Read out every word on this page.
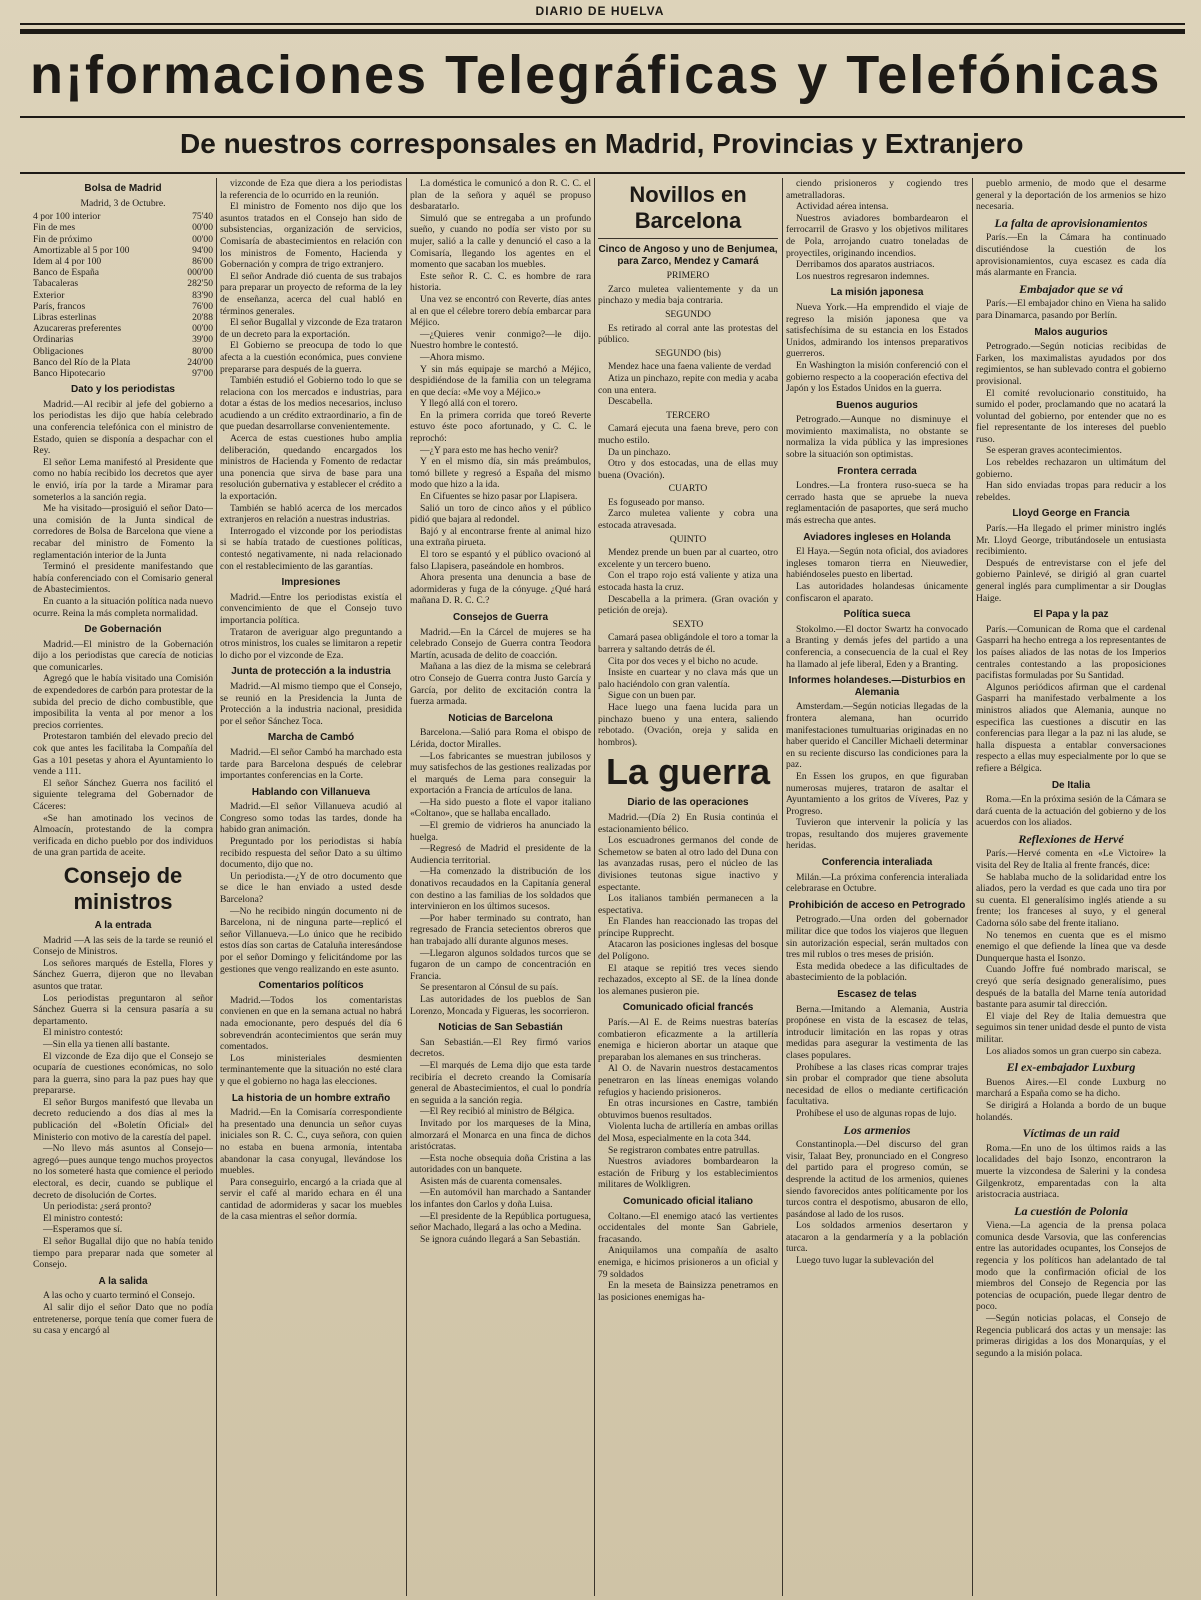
DIARIO DE HUELVA
n¡formaciones Telegráficas y Telefónicas
De nuestros corresponsales en Madrid, Provincias y Extranjero
Bolsa de Madrid
Madrid, 3 de Octubre.
4 por 100 interior	75'40
Fin de mes	00'00
Fin de próximo	00'00
Amortizable al 5 por 100	94'00
Idem al 4 por 100	86'00
Banco de España	000'00
Tabacaleras	282'50
Exterior	83'90
París, francos	76'00
Libras esterlinas	20'88
Azucareras preferentes	00'00
Ordinarias	39'00
Obligaciones	80'00
Banco del Río de la Plata	240'00
Banco Hipotecario	97'00
Dato y los periodistas

Madrid.—Al recibir al jefe del gobierno a los periodistas les dijo que había celebrado una conferencia telefónica con el ministro de Estado, quien se disponía a despachar con el Rey.

El señor Lema manifestó al Presidente que como no había recibido los decretos que ayer le envió, iría por la tarde a Miramar para someterlos a la sanción regia.

Me ha visitado—prosiguió el señor Dato—una comisión de la Junta sindical de corredores de Bolsa de Barcelona que viene a recabar del ministro de Fomento la reglamentación interior de la Junta

Terminó el presidente manifestando que había conferenciado con el Comisario general de Abastecimientos.

En cuanto a la situación política nada nuevo ocurre. Reina la más completa normalidad.

De Gobernación

Madrid.—El ministro de la Gobernación dijo a los periodistas que carecía de noticias que comunicarles.

Agregó que le había visitado una Comisión de expendedores de carbón para protestar de la subida del precio de dicho combustible, que imposibilita la venta al por menor a los precios corrientes.

Protestaron también del elevado precio del cok que antes les facilitaba la Compañía del Gas a 101 pesetas y ahora el Ayuntamiento lo vende a 111.

El señor Sánchez Guerra nos facilitó el siguiente telegrama del Gobernador de Cáceres:

«Se han amotinado los vecinos de Almoacín, protestando de la compra verificada en dicho pueblo por dos individuos de una gran partida de aceite.

Consejo de ministros
A la entrada

Madrid —A las seis de la tarde se reunió el Consejo de Ministros.

Los señores marqués de Estella, Flores y Sánchez Guerra, dijeron que no llevaban asuntos que tratar.

Los periodistas preguntaron al señor Sánchez Guerra si la censura pasaría a su departamento.

El ministro contestó:

—Sin ella ya tienen allí bastante.

El vizconde de Eza dijo que el Consejo se ocuparía de cuestiones económicas, no solo para la guerra, sino para la paz pues hay que prepararse.

El señor Burgos manifestó que llevaba un decreto reduciendo a dos días al mes la publicación del «Boletín Oficial» del Ministerio con motivo de la carestía del papel.

—No llevo más asuntos al Consejo—agregó—pues aunque tengo muchos proyectos no los someteré hasta que comience el periodo electoral, es decir, cuando se publique el decreto de disolución de Cortes.

Un periodista: ¿será pronto?

El ministro contestó:

—Esperamos que sí.

El señor Bugallal dijo que no había tenido tiempo para preparar nada que someter al Consejo.

A la salida

A las ocho y cuarto terminó el Consejo.

Al salir dijo el señor Dato que no podía entretenerse, porque tenía que comer fuera de su casa y encargó al

vizconde de Eza que diera a los periodistas la referencia de lo ocurrido en la reunión.

El ministro de Fomento nos dijo que los asuntos tratados en el Consejo han sido de subsistencias, organización de servicios, Comisaría de abastecimientos en relación con los ministros de Fomento, Hacienda y Gobernación y compra de trigo extranjero.

El señor Andrade dió cuenta de sus trabajos para preparar un proyecto de reforma de la ley de enseñanza, acerca del cual habló en términos generales.

El señor Bugallal y vizconde de Eza trataron de un decreto para la exportación.

El Gobierno se preocupa de todo lo que afecta a la cuestión económica, pues conviene prepararse para después de la guerra.

También estudió el Gobierno todo lo que se relaciona con los mercados e industrias, para dotar a éstas de los medios necesarios, incluso acudiendo a un crédito extraordinario, a fin de que puedan desarrollarse convenientemente.

Acerca de estas cuestiones hubo amplia deliberación, quedando encargados los ministros de Hacienda y Fomento de redactar una ponencia que sirva de base para una resolución gubernativa y establecer el crédito a la exportación.

También se habló acerca de los mercados extranjeros en relación a nuestras industrias.

Interrogado el vizconde por los periodistas si se había tratado de cuestiones políticas, contestó negativamente, ni nada relacionado con el restablecimiento de las garantías.

Impresiones

Madrid.—Entre los periodistas existía el convencimiento de que el Consejo tuvo importancia política.

Trataron de averiguar algo preguntando a otros ministros, los cuales se limitaron a repetir lo dicho por el vizconde de Eza.

Junta de protección a la industria

Madrid.—Al mismo tiempo que el Consejo, se reunió en la Presidencia la Junta de Protección a la industria nacional, presidida por el señor Sánchez Toca.

Marcha de Cambó

Madrid.—El señor Cambó ha marchado esta tarde para Barcelona después de celebrar importantes conferencias en la Corte.

Hablando con Villanueva

Madrid.—El señor Villanueva acudió al Congreso somo todas las tardes, donde ha habido gran animación.

Preguntado por los periodistas si había recibido respuesta del señor Dato a su último documento, dijo que no.

Un periodista.—¿Y de otro documento que se dice le han enviado a usted desde Barcelona?

—No he recibido ningún documento ni de Barcelona, ni de ninguna parte—replicó el señor Villanueva.—Lo único que he recibido estos días son cartas de Cataluña interesándose por el señor Domingo y felicitándome por las gestiones que vengo realizando en este asunto.

Comentarios políticos

Madrid.—Todos los comentaristas convienen en que en la semana actual no habrá nada emocionante, pero después del día 6 sobrevendrán acontecimientos que serán muy comentados.

Los ministeriales desmienten terminantemente que la situación no esté clara y que el gobierno no haga las elecciones.

La historia de un hombre extraño

Madrid.—En la Comisaría correspondiente ha presentado una denuncia un señor cuyas iniciales son R. C. C., cuya señora, con quien no estaba en buena armonía, intentaba abandonar la casa conyugal, llevándose los muebles.

Para conseguirlo, encargó a la criada que al servir el café al marido echara en él una cantidad de adormideras y sacar los muebles de la casa mientras el señor dormía.

La doméstica le comunicó a don R. C. C. el plan de la señora y aquél se propuso desbaratarlo.

Simuló que se entregaba a un profundo sueño, y cuando no podía ser visto por su mujer, salió a la calle y denunció el caso a la Comisaría, llegando los agentes en el momento que sacaban los muebles.

Este señor R. C. C. es hombre de rara historia.

Una vez se encontró con Reverte, días antes al en que el célebre torero debía embarcar para Méjico.

—¿Quieres venir conmigo?—le dijo. Nuestro hombre le contestó.

—Ahora mismo.

Y sin más equipaje se marchó a Méjico, despidiéndose de la familia con un telegrama en que decía: «Me voy a Méjico.»

Y llegó allá con el torero.

En la primera corrida que toreó Reverte estuvo éste poco afortunado, y C. C. le reprochó:

—¿Y para esto me has hecho venir?

Y en el mismo día, sin más preámbulos, tomó billete y regresó a España del mismo modo que hizo a la ida.

En Cifuentes se hizo pasar por Llapisera.

Salió un toro de cinco años y el público pidió que bajara al redondel.

Bajó y al encontrarse frente al animal hizo una extraña pirueta.

El toro se espantó y el público ovacionó al falso Llapisera, paseándole en hombros.

Ahora presenta una denuncia a base de adormideras y fuga de la cónyuge. ¿Qué hará mañana D. R. C. C.?

Consejos de Guerra

Madrid.—En la Cárcel de mujeres se ha celebrado Consejo de Guerra contra Teodora Martín, acusada de delito de coacción.

Mañana a las diez de la misma se celebrará otro Consejo de Guerra contra Justo García y García, por delito de excitación contra la fuerza armada.

Noticias de Barcelona

Barcelona.—Salió para Roma el obispo de Lérida, doctor Miralles.

—Los fabricantes se muestran jubilosos y muy satisfechos de las gestiones realizadas por el marqués de Lema para conseguir la exportación a Francia de artículos de lana.

—Ha sido puesto a flote el vapor italiano «Coltano», que se hallaba encallado.

—El gremio de vidrieros ha anunciado la huelga.

—Regresó de Madrid el presidente de la Audiencia territorial.

—Ha comenzado la distribución de los donativos recaudados en la Capitanía general con destino a las familias de los soldados que intervinieron en los últimos sucesos.

—Por haber terminado su contrato, han regresado de Francia setecientos obreros que han trabajado allí durante algunos meses.

—Llegaron algunos soldados turcos que se fugaron de un campo de concentración en Francia.

Se presentaron al Cónsul de su país.

Las autoridades de los pueblos de San Lorenzo, Moncada y Figueras, les socorrieron.

Noticias de San Sebastián

San Sebastián.—El Rey firmó varios decretos.

—El marqués de Lema dijo que esta tarde recibiría el decreto creando la Comisaría general de Abastecimientos, el cual lo pondría en seguida a la sanción regia.

—El Rey recibió al ministro de Bélgica.

Invitado por los marqueses de la Mina, almorzará el Monarca en una finca de dichos aristócratas.

—Esta noche obsequia doña Cristina a las autoridades con un banquete.

Asisten más de cuarenta comensales.

—En automóvil han marchado a Santander los infantes don Carlos y doña Luisa.

—El presidente de la República portuguesa, señor Machado, llegará a las ocho a Medina.

Se ignora cuándo llegará a San Sebastián.

Novillos en Barcelona
Cinco de Angoso y uno de Benjumea, para Zarco, Mendez y Camará
PRIMERO

Zarco muletea valientemente y da un pinchazo y media baja contraria.

SEGUNDO

Es retirado al corral ante las protestas del público.

SEGUNDO (bis)

Mendez hace una faena valiente de verdad

Atiza un pinchazo, repite con media y acaba con una entera.

Descabella.

TERCERO

Camará ejecuta una faena breve, pero con mucho estilo.

Da un pinchazo.

Otro y dos estocadas, una de ellas muy buena (Ovación).

CUARTO

Es foguseado por manso.

Zarco muletea valiente y cobra una estocada atravesada.

QUINTO

Mendez prende un buen par al cuarteo, otro excelente y un tercero bueno.

Con el trapo rojo está valiente y atiza una estocada hasta la cruz.

Descabella a la primera. (Gran ovación y petición de oreja).

SEXTO

Camará pasea obligándole el toro a tomar la barrera y saltando detrás de él.

Cita por dos veces y el bicho no acude.

Insiste en cuartear y no clava más que un palo haciéndolo con gran valentía.

Sigue con un buen par.

Hace luego una faena lucida para un pinchazo bueno y una entera, saliendo rebotado. (Ovación, oreja y salida en hombros).

La guerra
Diario de las operaciones

Madrid.—(Día 2) En Rusia continúa el estacionamiento bélico.

Los escuadrones germanos del conde de Schemetow se baten al otro lado del Duna con las avanzadas rusas, pero el núcleo de las divisiones teutonas sigue inactivo y espectante.

Los italianos también permanecen a la espectativa.

En Flandes han reaccionado las tropas del príncipe Rupprecht.

Atacaron las posiciones inglesas del bosque del Polígono.

El ataque se repitió tres veces siendo rechazados, excepto al SE. de la línea donde los alemanes pusieron pie.

Comunicado oficial francés

París.—Al E. de Reims nuestras baterías combatieron eficazmente a la artillería enemiga e hicieron abortar un ataque que preparaban los alemanes en sus trincheras.

Al O. de Navarin nuestros destacamentos penetraron en las líneas enemigas volando refugios y haciendo prisioneros.

En otras incursiones en Castre, también obtuvimos buenos resultados.

Violenta lucha de artillería en ambas orillas del Mosa, especialmente en la cota 344.

Se registraron combates entre patrullas.

Nuestros aviadores bombardearon la estación de Friburg y los establecimientos militares de Wolkligren.

Comunicado oficial italiano

Coltano.—El enemigo atacó las vertientes occidentales del monte San Gabriele, fracasando.

Aniquilamos una compañía de asalto enemiga, e hicimos prisioneros a un oficial y 79 soldados

En la meseta de Bainsizza penetramos en las posiciones enemigas ha-

ciendo prisioneros y cogiendo tres ametralladoras.

Actividad aérea intensa.

Nuestros aviadores bombardearon el ferrocarril de Grasvo y los objetivos militares de Pola, arrojando cuatro toneladas de proyectiles, originando incendios.

Derribamos dos aparatos austriacos.

Los nuestros regresaron indemnes.

La misión japonesa

Nueva York.—Ha emprendido el viaje de regreso la misión japonesa que va satisfechísima de su estancia en los Estados Unidos, admirando los intensos preparativos guerreros.

En Washington la misión conferenció con el gobierno respecto a la cooperación efectiva del Japón y los Estados Unidos en la guerra.

Buenos augurios

Petrogrado.—Aunque no disminuye el movimiento maximalista, no obstante se normaliza la vida pública y las impresiones sobre la situación son optimistas.

Frontera cerrada

Londres.—La frontera ruso-sueca se ha cerrado hasta que se apruebe la nueva reglamentación de pasaportes, que será mucho más estrecha que antes.

Aviadores ingleses en Holanda

El Haya.—Según nota oficial, dos aviadores ingleses tomaron tierra en Nieuwedier, habiéndoseles puesto en libertad.

Las autoridades holandesas únicamente confiscaron el aparato.

Política sueca

Stokolmo.—El doctor Swartz ha convocado a Branting y demás jefes del partido a una conferencia, a consecuencia de la cual el Rey ha llamado al jefe liberal, Eden y a Branting.

Informes holandeses.—Disturbios en Alemania

Amsterdam.—Según noticias llegadas de la frontera alemana, han ocurrido manifestaciones tumultuarias originadas en no haber querido el Canciller Michaeli determinar en su reciente discurso las condiciones para la paz.

En Essen los grupos, en que figuraban numerosas mujeres, trataron de asaltar el Ayuntamiento a los gritos de Víveres, Paz y Progreso.

Tuvieron que intervenir la policía y las tropas, resultando dos mujeres gravemente heridas.

Conferencia interaliada

Milán.—La próxima conferencia interaliada celebrarase en Octubre.

Prohibición de acceso en Petrogrado

Petrogrado.—Una orden del gobernador militar dice que todos los viajeros que lleguen sin autorización especial, serán multados con tres mil rublos o tres meses de prisión.

Esta medida obedece a las dificultades de abastecimiento de la población.

Escasez de telas

Berna.—Imitando a Alemania, Austria propónese en vista de la escasez de telas, introducir limitación en las ropas y otras medidas para asegurar la vestimenta de las clases populares.

Prohíbese a las clases ricas comprar trajes sin probar el comprador que tiene absoluta necesidad de ellos o mediante certificación facultativa.

Prohíbese el uso de algunas ropas de lujo.

Los armenios

Constantinopla.—Del discurso del gran visir, Talaat Bey, pronunciado en el Congreso del partido para el progreso común, se desprende la actitud de los armenios, quienes siendo favorecidos antes políticamente por los turcos contra el despotismo, abusaron de ello, pasándose al lado de los rusos.

Los soldados armenios desertaron y atacaron a la gendarmería y a la población turca.

Luego tuvo lugar la sublevación del

pueblo armenio, de modo que el desarme general y la deportación de los armenios se hizo necesaria.

La falta de aprovisionamientos

París.—En la Cámara ha continuado discutiéndose la cuestión de los aprovisionamientos, cuya escasez es cada día más alarmante en Francia.

Embajador que se vá

París.—El embajador chino en Viena ha salido para Dinamarca, pasando por Berlín.

Malos augurios

Petrogrado.—Según noticias recibidas de Farken, los maximalistas ayudados por dos regimientos, se han sublevado contra el gobierno provisional.

El comité revolucionario constituido, ha sumido el poder, proclamando que no acatará la voluntad del gobierno, por entender que no es fiel representante de los intereses del pueblo ruso.

Se esperan graves acontecimientos.

Los rebeldes rechazaron un ultimátum del gobierno.

Han sido enviadas tropas para reducir a los rebeldes.

Lloyd George en Francia

París.—Ha llegado el primer ministro inglés Mr. Lloyd George, tributándosele un entusiasta recibimiento.

Después de entrevistarse con el jefe del gobierno Painlevé, se dirigió al gran cuartel general inglés para cumplimentar a sir Douglas Haige.

El Papa y la paz

París.—Comunican de Roma que el cardenal Gasparri ha hecho entrega a los representantes de los países aliados de las notas de los Imperios centrales contestando a las proposiciones pacifistas formuladas por Su Santidad.

Algunos periódicos afirman que el cardenal Gasparri ha manifestado verbalmente a los ministros aliados que Alemania, aunque no especifica las cuestiones a discutir en las conferencias para llegar a la paz ni las alude, se halla dispuesta a entablar conversaciones respecto a ellas muy especialmente por lo que se refiere a Bélgica.

De Italia

Roma.—En la próxima sesión de la Cámara se dará cuenta de la actuación del gobierno y de los acuerdos con los aliados.

Reflexiones de Hervé

París.—Hervé comenta en «Le Victoire» la visita del Rey de Italia al frente francés, dice:

Se hablaba mucho de la solidaridad entre los aliados, pero la verdad es que cada uno tira por su cuenta. El generalísimo inglés atiende a su frente; los franceses al suyo, y el general Cadorna sólo sabe del frente italiano.

No tenemos en cuenta que es el mismo enemigo el que defiende la línea que va desde Dunquerque hasta el Isonzo.

Cuando Joffre fué nombrado mariscal, se creyó que sería designado generalísimo, pues después de la batalla del Marne tenía autoridad bastante para asumir tal dirección.

El viaje del Rey de Italia demuestra que seguimos sin tener unidad desde el punto de vista militar.

Los aliados somos un gran cuerpo sin cabeza.

El ex-embajador Luxburg

Buenos Aires.—El conde Luxburg no marchará a España como se ha dicho.

Se dirigirá a Holanda a bordo de un buque holandés.

Víctimas de un raid

Roma.—En uno de los últimos raids a las localidades del bajo Isonzo, encontraron la muerte la vizcondesa de Salerini y la condesa Gilgenkrotz, emparentadas con la alta aristocracia austriaca.

La cuestión de Polonia

Viena.—La agencia de la prensa polaca comunica desde Varsovia, que las conferencias entre las autoridades ocupantes, los Consejos de regencia y los políticos han adelantado de tal modo que la confirmación oficial de los miembros del Consejo de Regencia por las potencias de ocupación, puede llegar dentro de poco.

—Según noticias polacas, el Consejo de Regencia publicará dos actas y un mensaje: las primeras dirigidas a los dos Monarquías, y el segundo a la misión polaca.
